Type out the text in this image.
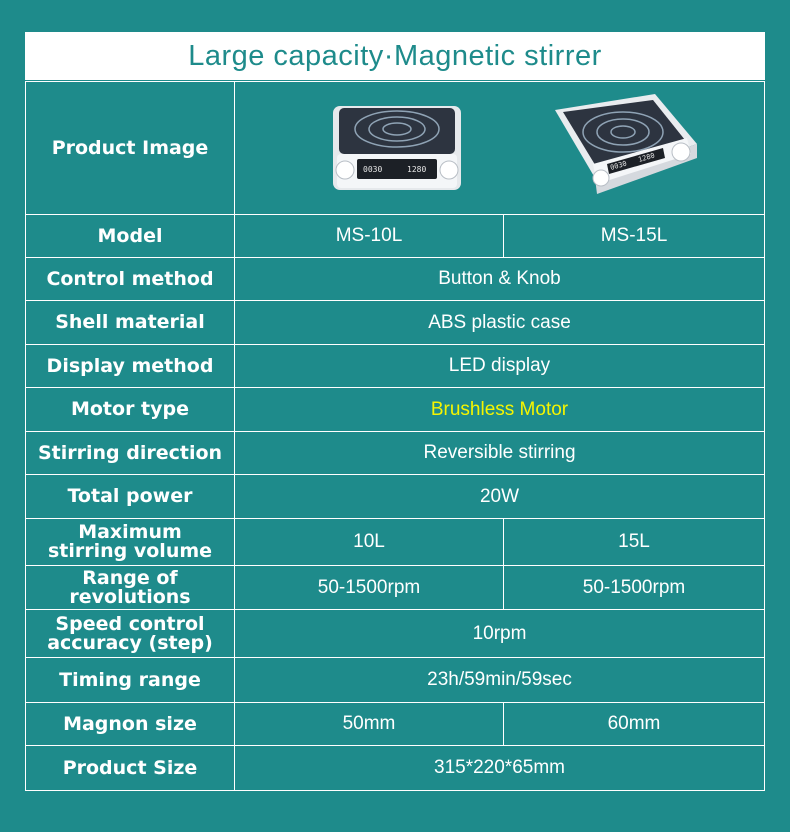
Large capacity·Magnetic stirrer
Product Image	0030 1280 0030
1280	

Model	MS-10L	MS-15L
Control method	Button & Knob	
Shell material	ABS plastic case	
Display method	LED display	
Motor type	Brushless Motor	
Stirring direction	Reversible stirring	
Total power	20W	

Maximum
stirring volume	10L	15L

Range of
revolutions	50-1500rpm	50-1500rpm

Speed control
accuracy (step)	10rpm	
Timing range	23h/59min/59sec	
Magnon size	50mm	60mm
Product Size	315*220*65mm	
